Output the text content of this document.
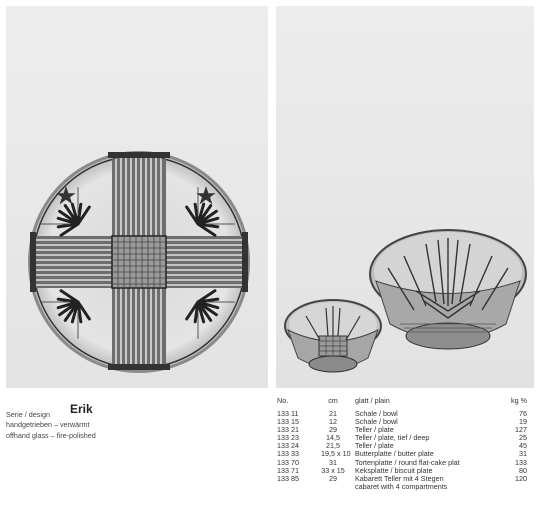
Serie / design Erik
handgetrieben – verwärmt
offhand glass – fire-polished
No.	cm	glatt / plain	kg %
133 11	21	Schale / bowl	76
133 15	12	Schale / bowl	19
133 21	29	Teller / plate	127
133 23	14,5	Teller / plate, tief / deep	25
133 24	21,5	Teller / plate	45
133 33	19,5 x 10 Butterplatte / butter plate	31
133 70	31	Tortenplatte / round flat-cake plat	133
133 71	33 x 15 Keksplatte / biscuit plate	80
133 85	29	Kabarett Teller mit 4 Stegen	120
cabaret with 4 compartments
